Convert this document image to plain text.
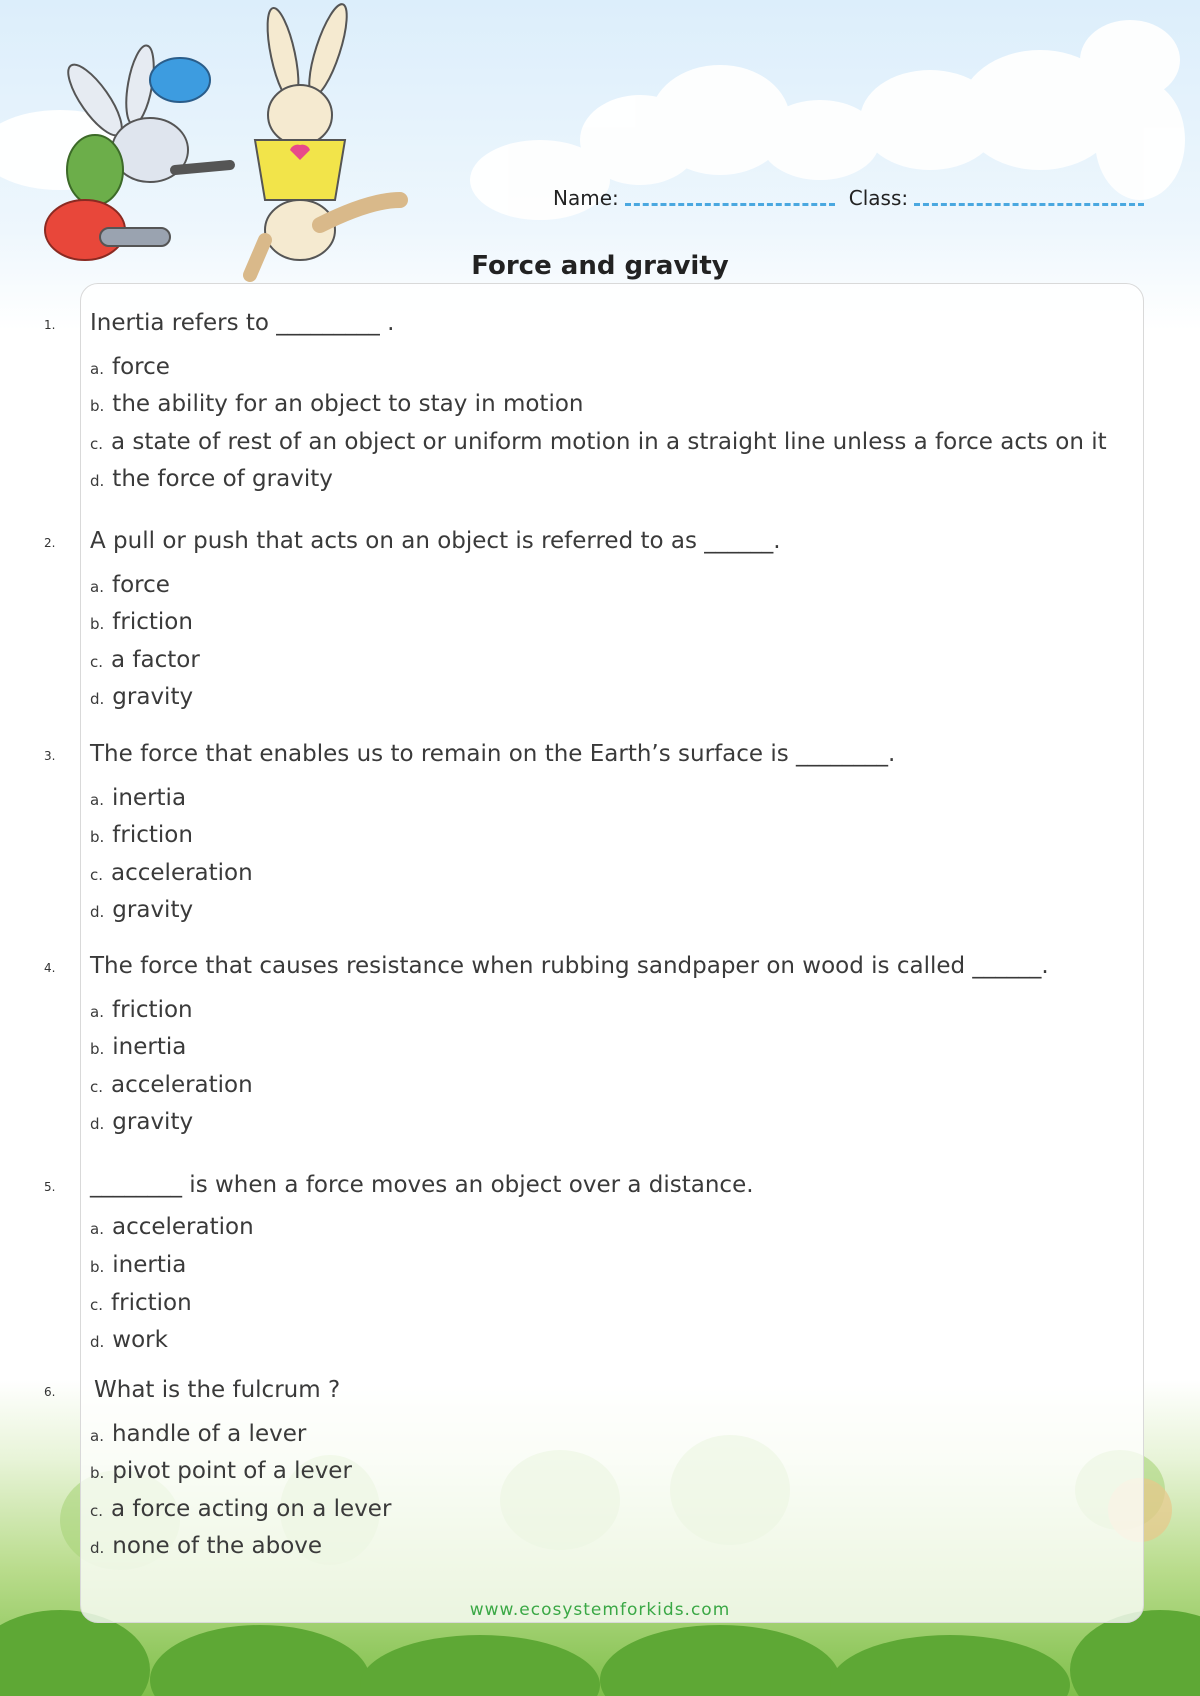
Name:	Class:
Force and gravity
1. Inertia refers to _________ .
a. force
b. the ability for an object to stay in motion
c. a state of rest of an object or uniform motion in a straight line unless a force acts on it
d. the force of gravity
2. A pull or push that acts on an object is referred to as ______.
a. force
b. friction
c. a factor
d. gravity
3. The force that enables us to remain on the Earth’s surface is ________.
a. inertia
b. friction
c. acceleration
d. gravity
4. The force that causes resistance when rubbing sandpaper on wood is called ______.
a. friction
b. inertia
c. acceleration
d. gravity
5. ________ is when a force moves an object over a distance.
a. acceleration
b. inertia
c. friction
d. work
6. What is the fulcrum ?
a. handle of a lever
b. pivot point of a lever
c. a force acting on a lever
d. none of the above
www.ecosystemforkids.com
